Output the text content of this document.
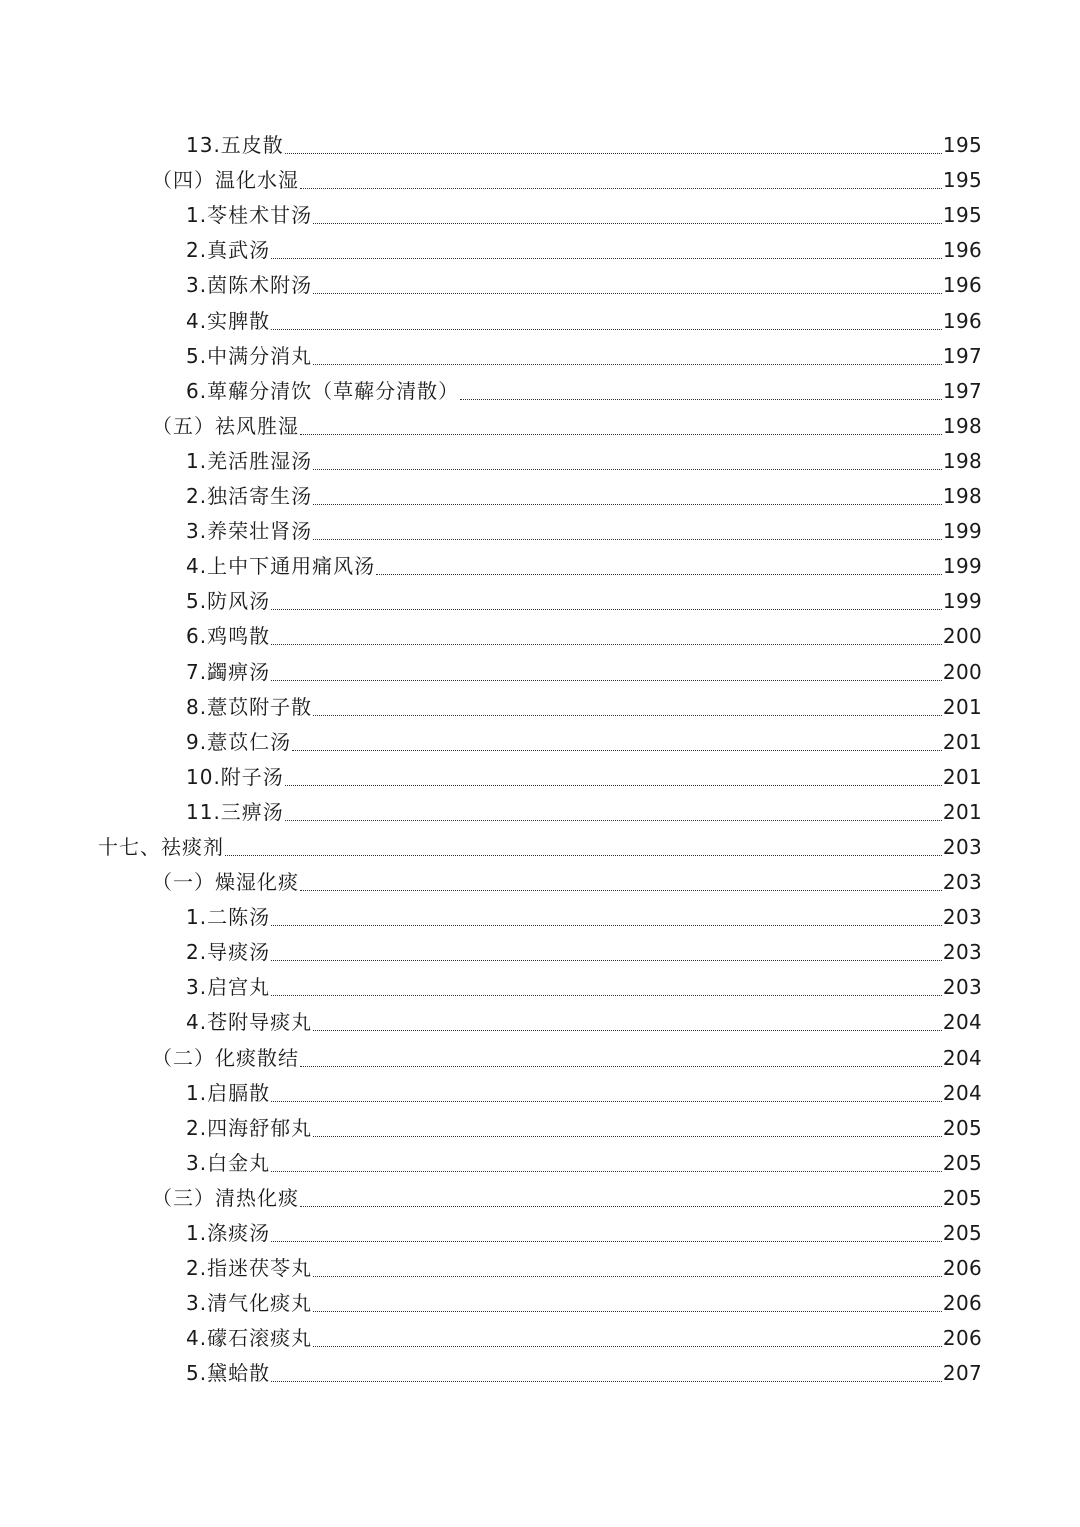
13.五皮散	195
（四）温化水湿	195
1.苓桂术甘汤	195
2.真武汤	196
3.茵陈术附汤	196
4.实脾散	196
5.中满分消丸	197
6.萆薢分清饮（草薢分清散）	197
（五）祛风胜湿	198
1.羌活胜湿汤	198
2.独活寄生汤	198
3.养荣壮肾汤	199
4.上中下通用痛风汤	199
5.防风汤	199
6.鸡鸣散	200
7.蠲痹汤	200
8.薏苡附子散	201
9.薏苡仁汤	201
10.附子汤	201
11.三痹汤	201
十七、祛痰剂	203
（一）燥湿化痰	203
1.二陈汤	203
2.导痰汤	203
3.启宫丸	203
4.苍附导痰丸	204
（二）化痰散结	204
1.启膈散	204
2.四海舒郁丸	205
3.白金丸	205
（三）清热化痰	205
1.涤痰汤	205
2.指迷茯苓丸	206
3.清气化痰丸	206
4.礞石滚痰丸	206
5.黛蛤散	207
